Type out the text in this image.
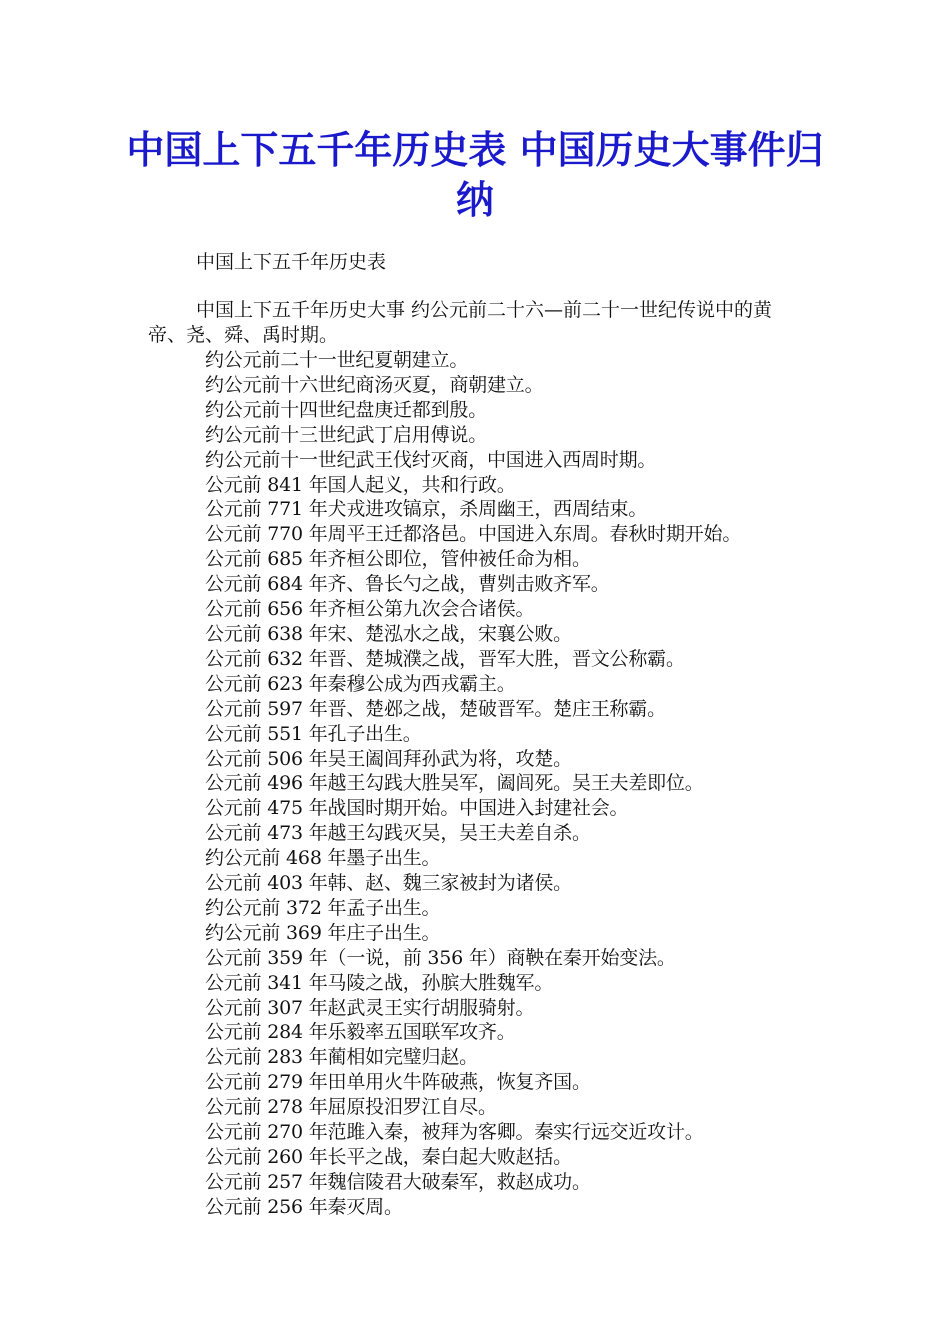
中国上下五千年历史表 中国历史大事件归纳

中国上下五千年历史表

中国上下五千年历史大事 约公元前二十六—前二十一世纪传说中的黄帝、尧、舜、禹时期。

约公元前二十一世纪夏朝建立。
约公元前十六世纪商汤灭夏，商朝建立。
约公元前十四世纪盘庚迁都到殷。
约公元前十三世纪武丁启用傅说。
约公元前十一世纪武王伐纣灭商，中国进入西周时期。
公元前 841 年国人起义，共和行政。
公元前 771 年犬戎进攻镐京，杀周幽王，西周结束。
公元前 770 年周平王迁都洛邑。中国进入东周。春秋时期开始。
公元前 685 年齐桓公即位，管仲被任命为相。
公元前 684 年齐、鲁长勺之战，曹刿击败齐军。
公元前 656 年齐桓公第九次会合诸侯。
公元前 638 年宋、楚泓水之战，宋襄公败。
公元前 632 年晋、楚城濮之战，晋军大胜，晋文公称霸。
公元前 623 年秦穆公成为西戎霸主。
公元前 597 年晋、楚邲之战，楚破晋军。楚庄王称霸。
公元前 551 年孔子出生。
公元前 506 年吴王阖闾拜孙武为将，攻楚。
公元前 496 年越王勾践大胜吴军，阖闾死。吴王夫差即位。
公元前 475 年战国时期开始。中国进入封建社会。
公元前 473 年越王勾践灭吴，吴王夫差自杀。
约公元前 468 年墨子出生。
公元前 403 年韩、赵、魏三家被封为诸侯。
约公元前 372 年孟子出生。
约公元前 369 年庄子出生。
公元前 359 年（一说，前 356 年）商鞅在秦开始变法。
公元前 341 年马陵之战，孙膑大胜魏军。
公元前 307 年赵武灵王实行胡服骑射。
公元前 284 年乐毅率五国联军攻齐。
公元前 283 年蔺相如完璧归赵。
公元前 279 年田单用火牛阵破燕，恢复齐国。
公元前 278 年屈原投汨罗江自尽。
公元前 270 年范雎入秦，被拜为客卿。秦实行远交近攻计。
公元前 260 年长平之战，秦白起大败赵括。
公元前 257 年魏信陵君大破秦军，救赵成功。
公元前 256 年秦灭周。
